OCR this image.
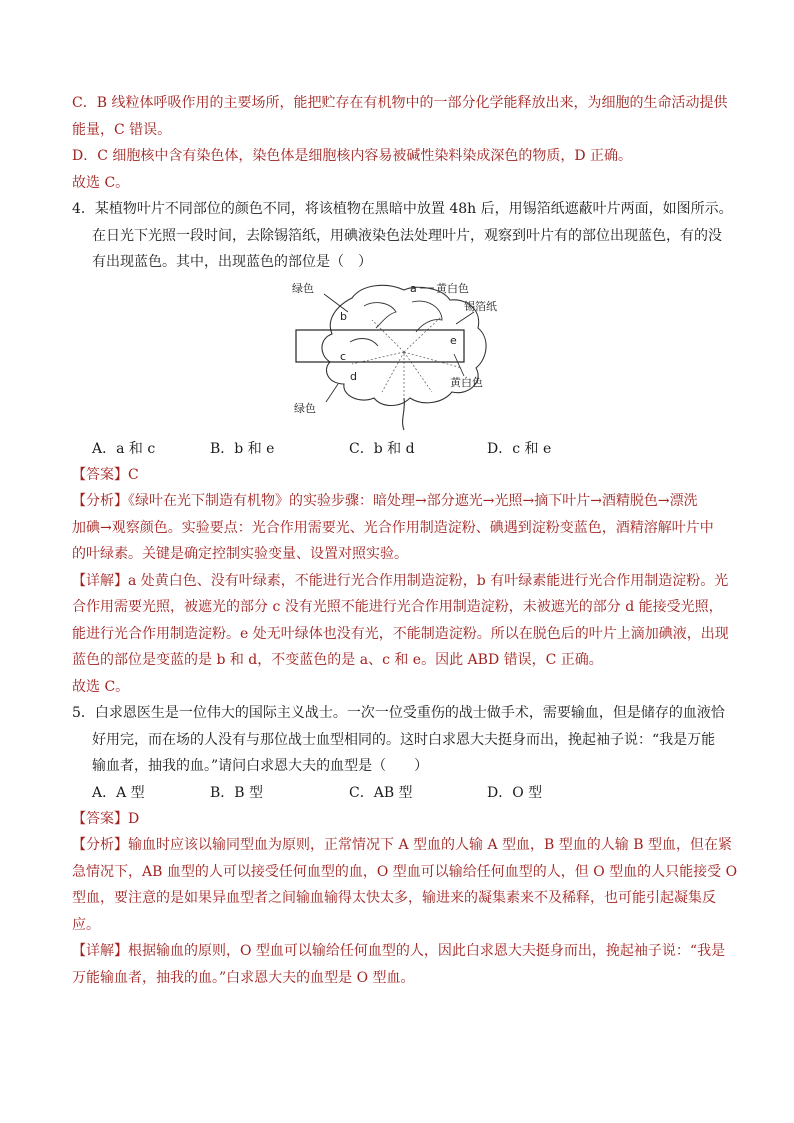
C．B 线粒体呼吸作用的主要场所，能把贮存在有机物中的一部分化学能释放出来，为细胞的生命活动提供
能量，C 错误。
D．C 细胞核中含有染色体，染色体是细胞核内容易被碱性染料染成深色的物质，D 正确。
故选 C。
4．某植物叶片不同部位的颜色不同，将该植物在黑暗中放置 48h 后，用锡箔纸遮蔽叶片两面，如图所示。
在日光下光照一段时间，去除锡箔纸，用碘液染色法处理叶片，观察到叶片有的部位出现蓝色，有的没
有出现蓝色。其中，出现蓝色的部位是（　）
绿色	a 黄白色
b
锡箔纸
e
c
d	黄白色
绿色
A．a 和 c	B．b 和 e	C．b 和 d	D．c 和 e
【答案】C
【分析】《绿叶在光下制造有机物》的实验步骤：暗处理→部分遮光→光照→摘下叶片→酒精脱色→漂洗
加碘→观察颜色。实验要点：光合作用需要光、光合作用制造淀粉、碘遇到淀粉变蓝色，酒精溶解叶片中
的叶绿素。关键是确定控制实验变量、设置对照实验。
【详解】a 处黄白色、没有叶绿素，不能进行光合作用制造淀粉，b 有叶绿素能进行光合作用制造淀粉。光
合作用需要光照，被遮光的部分 c 没有光照不能进行光合作用制造淀粉，未被遮光的部分 d 能接受光照，
能进行光合作用制造淀粉。e 处无叶绿体也没有光，不能制造淀粉。所以在脱色后的叶片上滴加碘液，出现
蓝色的部位是变蓝的是 b 和 d，不变蓝色的是 a、c 和 e。因此 ABD 错误，C 正确。
故选 C。
5．白求恩医生是一位伟大的国际主义战士。一次一位受重伤的战士做手术，需要输血，但是储存的血液恰
好用完，而在场的人没有与那位战士血型相同的。这时白求恩大夫挺身而出，挽起袖子说：“我是万能
输血者，抽我的血。”请问白求恩大夫的血型是（　　）
A．A 型	B．B 型	C．AB 型	D．O 型
【答案】D
【分析】输血时应该以输同型血为原则，正常情况下 A 型血的人输 A 型血，B 型血的人输 B 型血，但在紧
急情况下，AB 血型的人可以接受任何血型的血，O 型血可以输给任何血型的人，但 O 型血的人只能接受 O
型血，要注意的是如果异血型者之间输血输得太快太多，输进来的凝集素来不及稀释，也可能引起凝集反
应。
【详解】根据输血的原则，O 型血可以输给任何血型的人，因此白求恩大夫挺身而出，挽起袖子说：“我是
万能输血者，抽我的血。”白求恩大夫的血型是 O 型血。
